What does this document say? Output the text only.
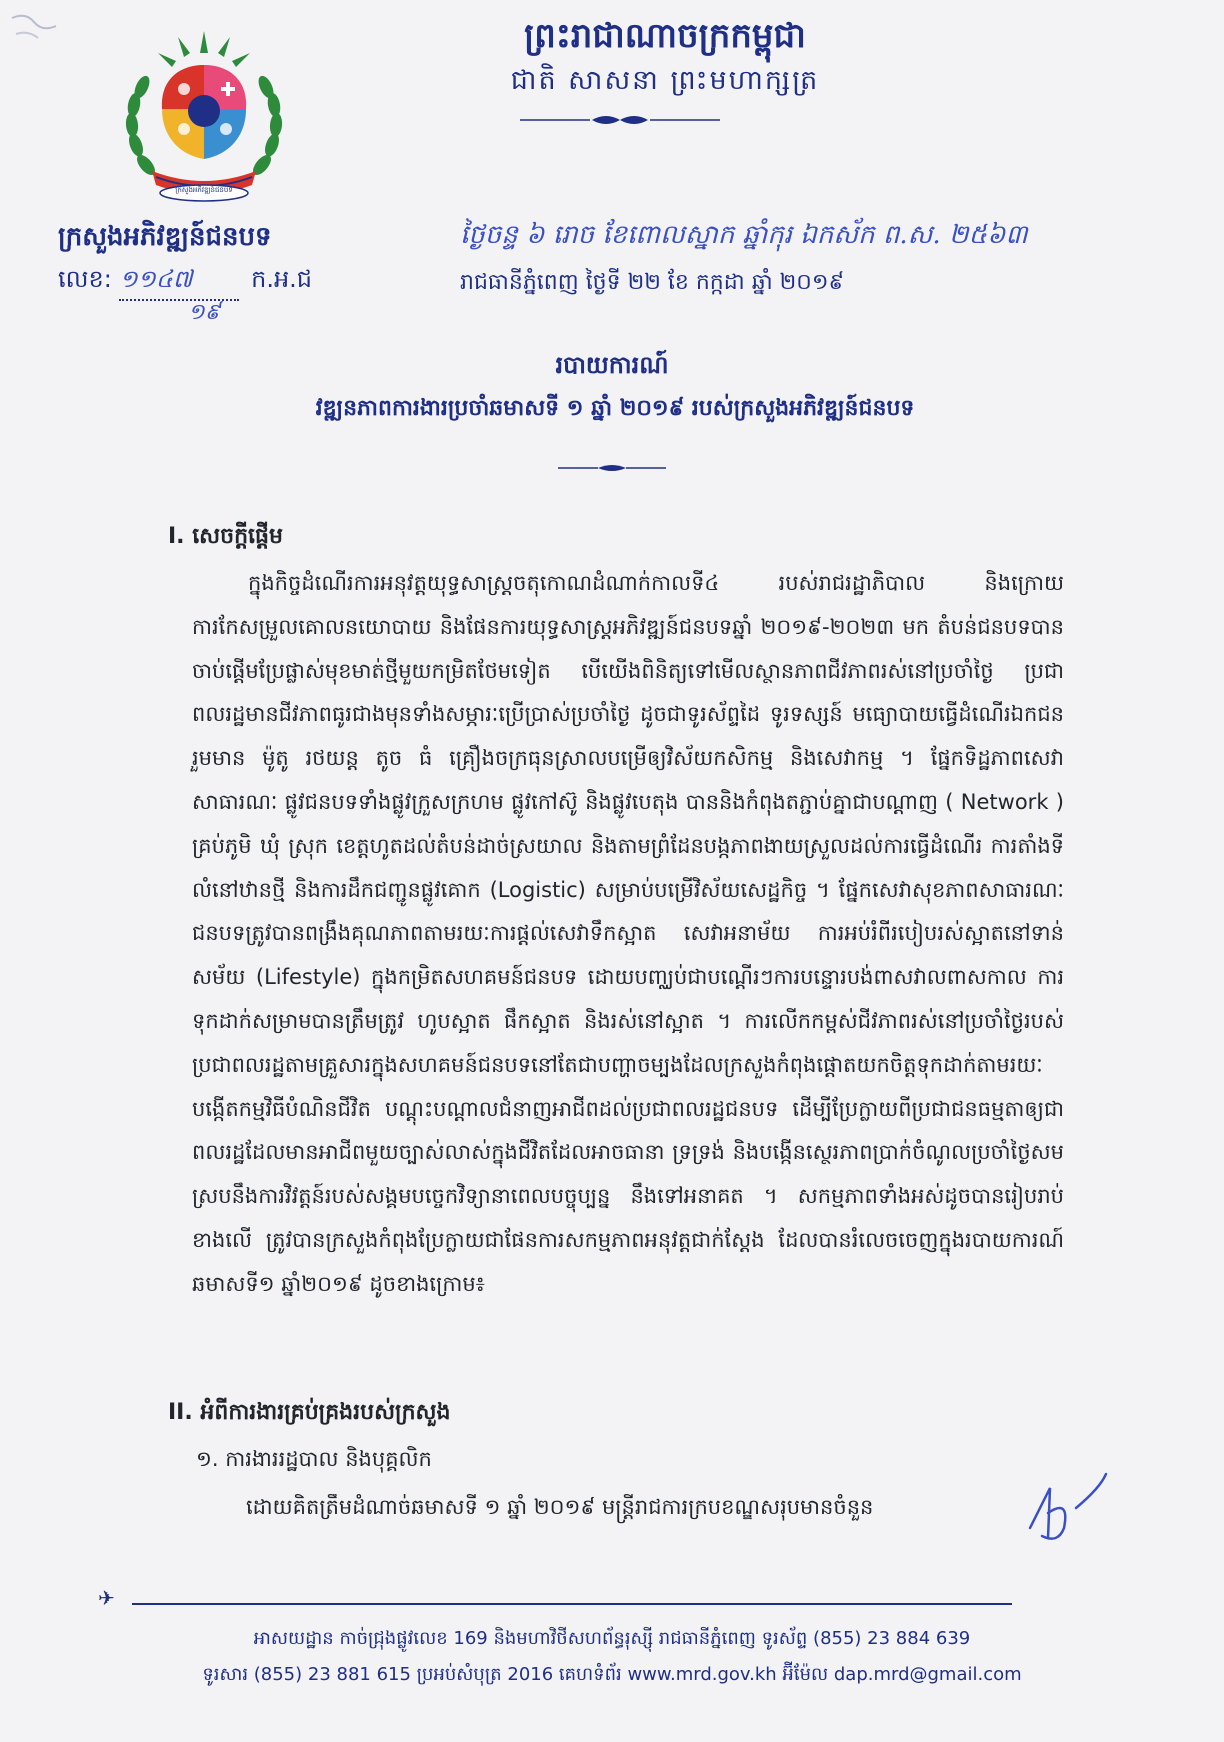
ក្រសួងអភិវឌ្ឍន៍ជនបទ
ព្រះរាជាណាចក្រកម្ពុជា
ជាតិ សាសនា ព្រះមហាក្សត្រ
ក្រសួងអភិវឌ្ឍន៍ជនបទ
លេខ: ១១៤៧ ក.អ.ជ
១៩
ថ្ងៃចន្ទ ៦ រោច ខែពោលស្នាក ឆ្នាំកុរ ឯកស័ក ព.ស. ២៥៦៣
រាជធានីភ្នំពេញ ថ្ងៃទី ២២ ខែ កក្កដា ឆ្នាំ ២០១៩
របាយការណ៍
វឌ្ឍនភាពការងារប្រចាំឆមាសទី ១ ឆ្នាំ ២០១៩ របស់ក្រសួងអភិវឌ្ឍន៍ជនបទ
I. សេចក្តីផ្តើម
ក្នុងកិច្ចដំណើរការអនុវត្តយុទ្ធសាស្ត្រចតុកោណដំណាក់កាលទី៤ របស់រាជរដ្ឋាភិបាល និងក្រោយការកែសម្រួលគោលនយោបាយ និងផែនការយុទ្ធសាស្ត្រអភិវឌ្ឍន៍ជនបទឆ្នាំ ២០១៩-២០២៣ មក តំបន់ជនបទបានចាប់ផ្តើមប្រែផ្លាស់មុខមាត់ថ្មីមួយកម្រិតថែមទៀត បើយើងពិនិត្យទៅមើលស្ថានភាពជីវភាពរស់នៅប្រចាំថ្ងៃ ប្រជាពលរដ្ឋមានជីវភាពធូរជាងមុនទាំងសម្ភារៈប្រើប្រាស់ប្រចាំថ្ងៃ ដូចជាទូរស័ព្ទដៃ ទូរទស្សន៍ មធ្យោបាយធ្វើដំណើរឯកជនរួមមាន ម៉ូតូ រថយន្ត តូច ធំ គ្រឿងចក្រធុនស្រាលបម្រើឲ្យវិស័យកសិកម្ម និងសេវាកម្ម ។ ផ្នែកទិដ្ឋភាពសេវាសាធារណៈ ផ្លូវជនបទទាំងផ្លូវក្រួសក្រហម ផ្លូវកៅស៊ូ និងផ្លូវបេតុង បាននិងកំពុងតភ្ជាប់គ្នាជាបណ្តាញ ( Network ) គ្រប់ភូមិ ឃុំ ស្រុក ខេត្តហូតដល់តំបន់ដាច់ស្រយាល និងតាមព្រំដែនបង្កភាពងាយស្រួលដល់ការធ្វើដំណើរ ការតាំងទីលំនៅឋានថ្មី និងការដឹកជញ្ជូនផ្លូវគោក (Logistic) សម្រាប់បម្រើវិស័យសេដ្ឋកិច្ច ។ ផ្នែកសេវាសុខភាពសាធារណៈជនបទត្រូវបានពង្រឹងគុណភាពតាមរយៈការផ្តល់សេវាទឹកស្អាត សេវាអនាម័យ ការអប់រំពីរបៀបរស់ស្អាតនៅទាន់សម័យ (Lifestyle) ក្នុងកម្រិតសហគមន៍ជនបទ ដោយបញ្ឈប់ជាបណ្តើរៗការបន្ទោរបង់ពាសវាលពាសកាល ការទុកដាក់សម្រាមបានត្រឹមត្រូវ ហូបស្អាត ផឹកស្អាត និងរស់នៅស្អាត ។ ការលើកកម្ពស់ជីវភាពរស់នៅប្រចាំថ្ងៃរបស់ប្រជាពលរដ្ឋតាមគ្រួសារក្នុងសហគមន៍ជនបទនៅតែជាបញ្ហាចម្បងដែលក្រសួងកំពុងផ្តោតយកចិត្តទុកដាក់តាមរយៈបង្កើតកម្មវិធីបំណិនជីវិត បណ្តុះបណ្តាលជំនាញអាជីពដល់ប្រជាពលរដ្ឋជនបទ ដើម្បីប្រែក្លាយពីប្រជាជនធម្មតាឲ្យជាពលរដ្ឋដែលមានអាជីពមួយច្បាស់លាស់ក្នុងជីវិតដែលអាចធានា ទ្រទ្រង់ និងបង្កើនស្ថេរភាពប្រាក់ចំណូលប្រចាំថ្ងៃសមស្របនឹងការវិវត្តន៍របស់សង្គមបច្ចេកវិទ្យានាពេលបច្ចុប្បន្ន នឹងទៅអនាគត ។ សកម្មភាពទាំងអស់ដូចបានរៀបរាប់ខាងលើ ត្រូវបានក្រសួងកំពុងប្រែក្លាយជាផែនការសកម្មភាពអនុវត្តជាក់ស្តែង ដែលបានរំលេចចេញក្នុងរបាយការណ៍ឆមាសទី១ ឆ្នាំ២០១៩ ដូចខាងក្រោម៖
II. អំពីការងារគ្រប់គ្រងរបស់ក្រសួង
១. ការងាររដ្ឋបាល និងបុគ្គលិក
ដោយគិតត្រឹមដំណាច់ឆមាសទី ១ ឆ្នាំ ២០១៩ មន្ត្រីរាជការក្របខណ្ឌសរុបមានចំនួន
✈
អាសយដ្ឋាន កាច់ជ្រុងផ្លូវលេខ 169 និងមហាវិថីសហព័ន្ធរុស្ស៊ី រាជធានីភ្នំពេញ ទូរស័ព្ទ (855) 23 884 639
ទូរសារ (855) 23 881 615 ប្រអប់សំបុត្រ 2016 គេហទំព័រ www.mrd.gov.kh អ៊ីម៉ែល dap.mrd@gmail.com
